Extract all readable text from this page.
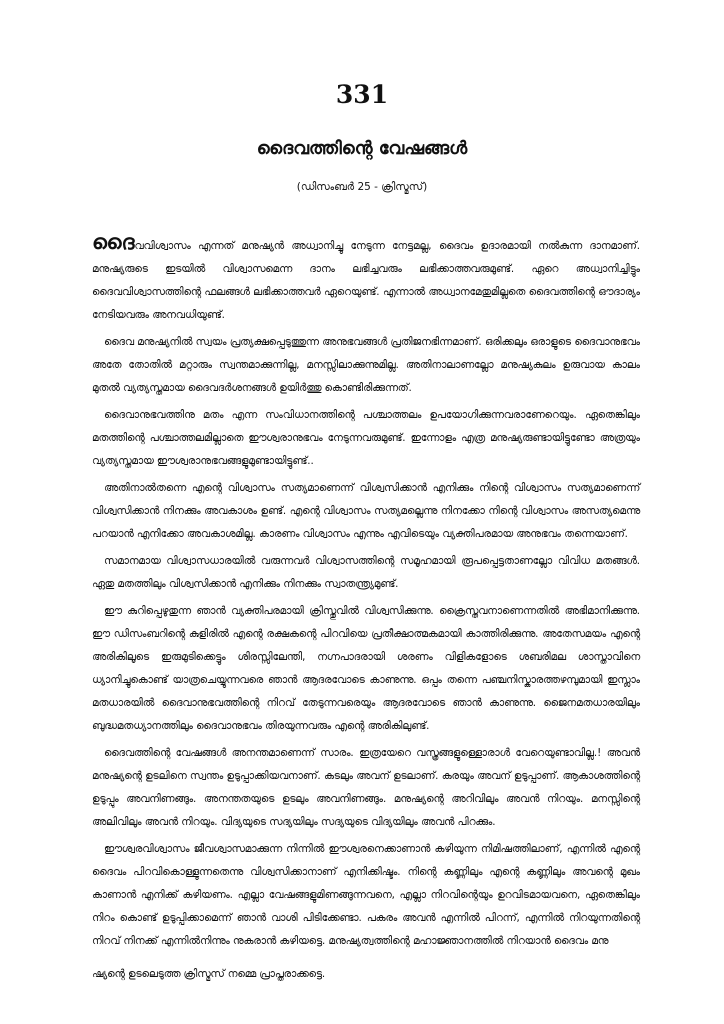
331
ദൈവത്തിന്റെ വേഷങ്ങൾ
(ഡിസംബർ 25 - ക്രിസ്മസ്)

ദൈവവിശ്വാസം എന്നത് മനുഷ്യൻ അധ്വാനിച്ചു നേടുന്ന നേട്ടമല്ല, ദൈവം ഉദാരമായി നൽകുന്ന ദാനമാണ്. മനുഷ്യരുടെ ഇടയിൽ വിശ്വാസമെന്ന ദാനം ലഭിച്ചവരും ലഭിക്കാത്തവരുമുണ്ട്. ഏറെ അധ്വാനിച്ചിട്ടും ദൈവവിശ്വാസത്തിന്റെ ഫലങ്ങൾ ലഭിക്കാത്തവർ ഏറെയുണ്ട്. എന്നാൽ അധ്വാനമേതുമില്ലതെ ദൈവത്തിന്റെ ഔദാര്യം നേടിയവരും അനവധിയുണ്ട്.

ദൈവ മനുഷ്യനിൽ സ്വയം പ്രത്യക്ഷപ്പെടുത്തുന്ന അനുഭവങ്ങൾ പ്രതിജനഭിന്നമാണ്. ഒരിക്കലും ഒരാളുടെ ദൈവാനുഭവം അതേ തോതിൽ മറ്റാരും സ്വന്തമാക്കുന്നില്ല, മനസ്സിലാക്കുന്നുമില്ല. അതിനാലാണല്ലോ മനുഷ്യകുലം ഉരുവായ കാലം മുതൽ വ്യത്യസ്തമായ ദൈവദർശനങ്ങൾ ഉയിർത്തു കൊണ്ടിരിക്കുന്നത്.

ദൈവാനുഭവത്തിനു മതം എന്ന സംവിധാനത്തിന്റെ പശ്ചാത്തലം ഉപയോഗിക്കുന്നവരാണേറെയും. ഏതെങ്കിലും മതത്തിന്റെ പശ്ചാത്തലമില്ലാതെ ഈശ്വരാനുഭവം നേടുന്നവരുമുണ്ട്. ഇന്നോളം എത്ര മനുഷ്യരുണ്ടായിട്ടുണ്ടോ അത്രയും വ്യത്യസ്തമായ ഈശ്വരാനുഭവങ്ങളുമുണ്ടായിട്ടുണ്ട്..

അതിനാൽതന്നെ എന്റെ വിശ്വാസം സത്യമാണെന്ന് വിശ്വസിക്കാൻ എനിക്കും നിന്റെ വിശ്വാസം സത്യമാണെന്ന് വിശ്വസിക്കാൻ നിനക്കും അവകാശം ഉണ്ട്. എന്റെ വിശ്വാസം സത്യമല്ലെന്നു നിനക്കോ നിന്റെ വിശ്വാസം അസത്യമെന്നു പറയാൻ എനിക്കോ അവകാശമില്ല. കാരണം വിശ്വാസം എന്നും എവിടെയും വ്യക്തിപരമായ അനുഭവം തന്നെയാണ്.

സമാനമായ വിശ്വാസധാരയിൽ വരുന്നവർ വിശ്വാസത്തിന്റെ സമൂഹമായി രൂപപ്പെട്ടതാണല്ലോ വിവിധ മതങ്ങൾ. ഏതു മതത്തിലും വിശ്വസിക്കാൻ എനിക്കും നിനക്കും സ്വാതന്ത്ര്യമുണ്ട്.

ഈ കുറിപ്പെഴുതുന്ന ഞാൻ വ്യക്തിപരമായി ക്രിസ്തുവിൽ വിശ്വസിക്കുന്നു. ക്രൈസ്തവനാണെന്നതിൽ അഭിമാനിക്കുന്നു. ഈ ഡിസംബറിന്റെ കുളിരിൽ എന്റെ രക്ഷകന്റെ പിറവിയെ പ്രതീക്ഷാത്മകമായി കാത്തിരിക്കുന്നു. അതേസമയം എന്റെ അരികിലൂടെ ഇരുമുടിക്കെട്ടും ശിരസ്സിലേന്തി, നഗ്നപാദരായി ശരണം വിളികളോടെ ശബരിമല ശാസ്താവിനെ ധ്യാനിച്ചുകൊണ്ട് യാത്രചെയ്യുന്നവരെ ഞാൻ ആദരവോടെ കാണുന്നു. ഒപ്പം തന്നെ പഞ്ചനിസ്കാരത്തഴമ്പുമായി ഇസ്ലാം മതധാരയിൽ ദൈവാനുഭവത്തിന്റെ നിറവ് തേടുന്നവരെയും ആദരവോടെ ഞാൻ കാണുന്നു. ജൈനമതധാരയിലും ബുദ്ധമതധ്യാനത്തിലും ദൈവാനുഭവം തിരയുന്നവരും എന്റെ അരികിലുണ്ട്.

ദൈവത്തിന്റെ വേഷങ്ങൾ അനന്തമാണെന്ന് സാരം. ഇത്രയേറെ വസ്ത്രങ്ങളുള്ളൊരാൾ വേറെയുണ്ടാവില്ല.! അവൻ മനുഷ്യന്റെ ഉടലിനെ സ്വന്തം ഉടുപ്പാക്കിയവനാണ്. കടലും അവന് ഉടലാണ്. കരയും അവന് ഉടുപ്പാണ്. ആകാശത്തിന്റെ ഉടുപ്പും അവനിണങ്ങും. അനന്തതയുടെ ഉടലും അവനിണങ്ങും. മനുഷ്യന്റെ അറിവിലും അവൻ നിറയും. മനസ്സിന്റെ അലിവിലും അവൻ നിറയും. വിദ്യയുടെ സദ്യയിലും സദ്യയുടെ വിദ്യയിലും അവൻ പിറക്കും.

ഈശ്വരവിശ്വാസം ജീവശ്വാസമാക്കുന്ന നിന്നിൽ ഈശ്വരനെക്കാണാൻ കഴിയുന്ന നിമിഷത്തിലാണ്, എന്നിൽ എന്റെ ദൈവം പിറവികൊള്ളുന്നതെന്നു വിശ്വസിക്കാനാണ് എനിക്കിഷ്ടം. നിന്റെ കണ്ണിലും എന്റെ കണ്ണിലും അവന്റെ മുഖം കാണാൻ എനിക്ക് കഴിയണം. എല്ലാ വേഷങ്ങളുമിണങ്ങുന്നവനെ, എല്ലാ നിറവിന്റെയും ഉറവിടമായവനെ, ഏതെങ്കിലും നിറം കൊണ്ട് ഉടുപ്പിക്കാമെന്ന് ഞാൻ വാശി പിടിക്കേണ്ടാ. പകരം അവൻ എന്നിൽ പിറന്ന്, എന്നിൽ നിറയുന്നതിന്റെ നിറവ് നിനക്ക് എന്നിൽനിന്നും നുകരാൻ കഴിയട്ടെ. മനുഷ്യത്വത്തിന്റെ മഹാജ്ഞാനത്തിൽ നിറയാൻ ദൈവം മനു

ഷ്യന്റെ ഉടലെടുത്ത ക്രിസ്മസ് നമ്മെ പ്രാപ്തരാക്കട്ടെ.
